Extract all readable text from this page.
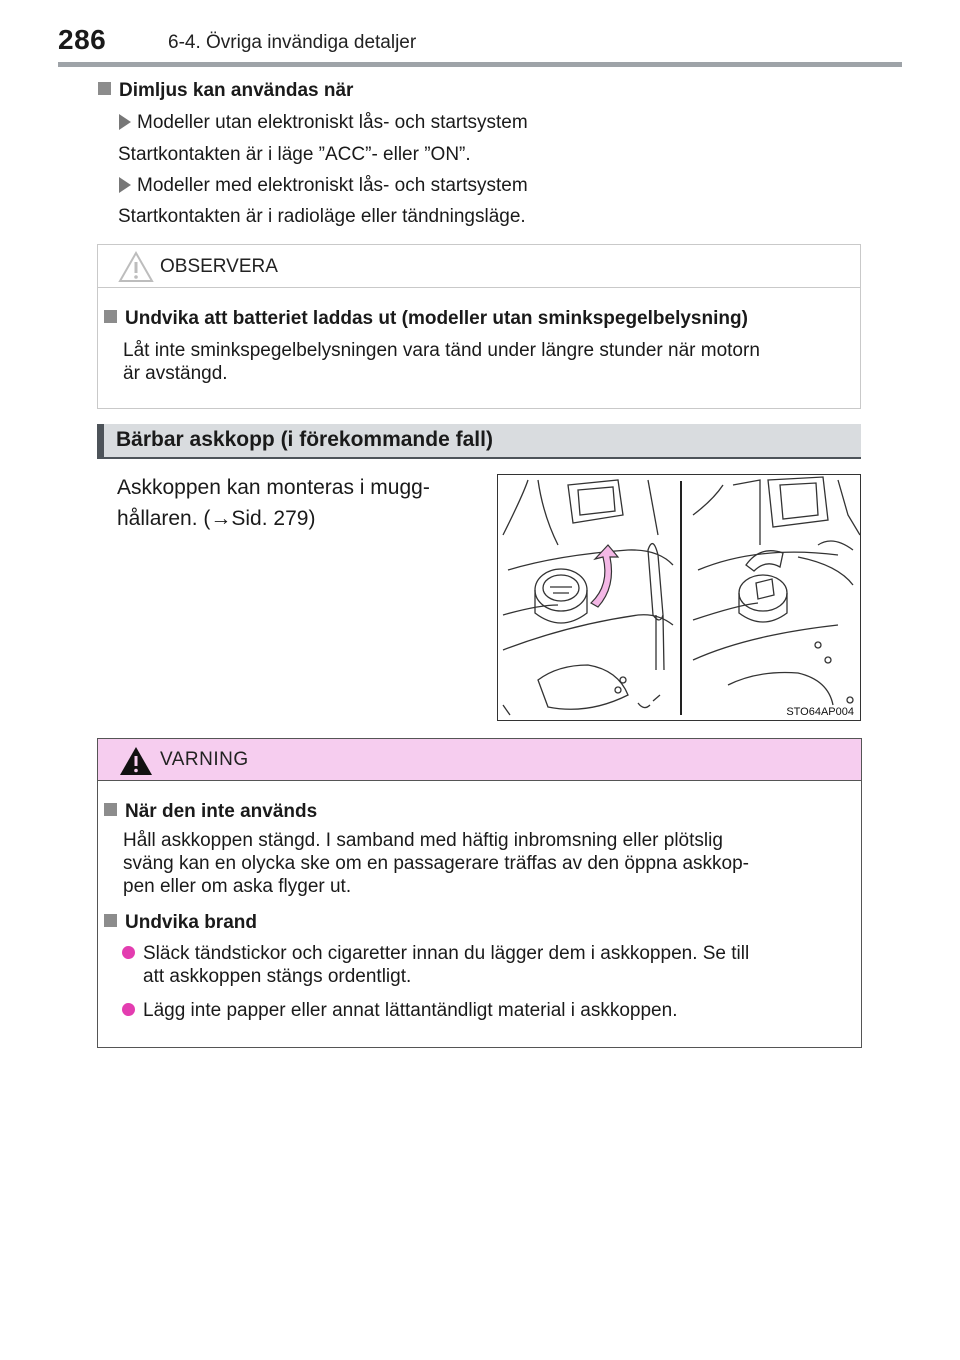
286	6-4. Övriga invändiga detaljer
Dimljus kan användas när
Modeller utan elektroniskt lås- och startsystem
Startkontakten är i läge ”ACC”- eller ”ON”.
Modeller med elektroniskt lås- och startsystem
Startkontakten är i radioläge eller tändningsläge.
OBSERVERA
Undvika att batteriet laddas ut (modeller utan sminkspegelbelysning)
Låt inte sminkspegelbelysningen vara tänd under längre stunder när motorn
är avstängd.
Bärbar askkopp (i förekommande fall)
Askkoppen kan monteras i mugg-
hållaren. (→Sid. 279)
STO64AP004
VARNING
När den inte används
Håll askkoppen stängd. I samband med häftig inbromsning eller plötslig
sväng kan en olycka ske om en passagerare träffas av den öppna askkop-
pen eller om aska flyger ut.
Undvika brand
Släck tändstickor och cigaretter innan du lägger dem i askkoppen. Se till
att askkoppen stängs ordentligt.
Lägg inte papper eller annat lättantändligt material i askkoppen.
